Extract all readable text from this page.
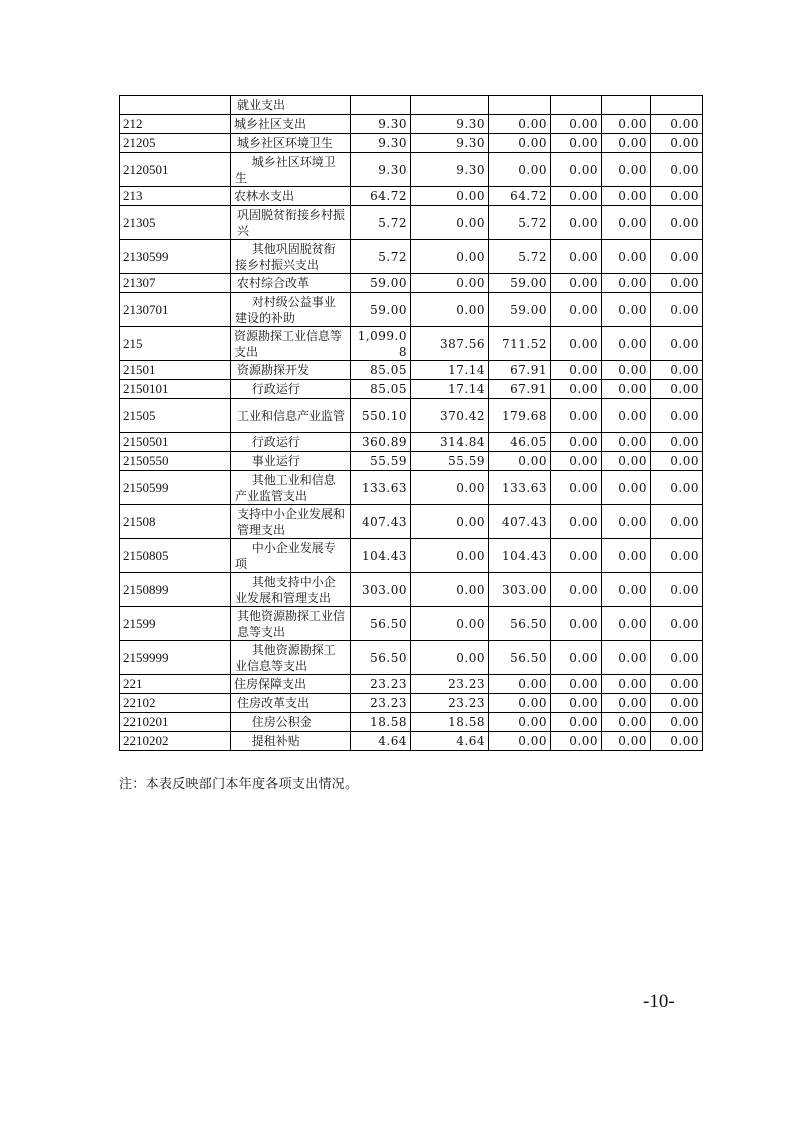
	就业支出						
212	城乡社区支出	9.30	9.30	0.00	0.00	0.00	0.00
21205	城乡社区环境卫生	9.30	9.30	0.00	0.00	0.00	0.00
2120501	城乡社区环境卫生	9.30	9.30	0.00	0.00	0.00	0.00
213	农林水支出	64.72	0.00	64.72	0.00	0.00	0.00
21305	巩固脱贫衔接乡村振兴	5.72	0.00	5.72	0.00	0.00	0.00
2130599	其他巩固脱贫衔接乡村振兴支出	5.72	0.00	5.72	0.00	0.00	0.00
21307	农村综合改革	59.00	0.00	59.00	0.00	0.00	0.00
2130701	对村级公益事业建设的补助	59.00	0.00	59.00	0.00	0.00	0.00
215	资源勘探工业信息等支出	1,099.08	387.56	711.52	0.00	0.00	0.00
21501	资源勘探开发	85.05	17.14	67.91	0.00	0.00	0.00
2150101	行政运行	85.05	17.14	67.91	0.00	0.00	0.00
21505	工业和信息产业监管	550.10	370.42	179.68	0.00	0.00	0.00
2150501	行政运行	360.89	314.84	46.05	0.00	0.00	0.00
2150550	事业运行	55.59	55.59	0.00	0.00	0.00	0.00
2150599	其他工业和信息产业监管支出	133.63	0.00	133.63	0.00	0.00	0.00
21508	支持中小企业发展和管理支出	407.43	0.00	407.43	0.00	0.00	0.00
2150805	中小企业发展专项	104.43	0.00	104.43	0.00	0.00	0.00
2150899	其他支持中小企业发展和管理支出	303.00	0.00	303.00	0.00	0.00	0.00
21599	其他资源勘探工业信息等支出	56.50	0.00	56.50	0.00	0.00	0.00
2159999	其他资源勘探工业信息等支出	56.50	0.00	56.50	0.00	0.00	0.00
221	住房保障支出	23.23	23.23	0.00	0.00	0.00	0.00
22102	住房改革支出	23.23	23.23	0.00	0.00	0.00	0.00
2210201	住房公积金	18.58	18.58	0.00	0.00	0.00	0.00
2210202	提租补贴	4.64	4.64	0.00	0.00	0.00	0.00
注：本表反映部门本年度各项支出情况。
-10-
